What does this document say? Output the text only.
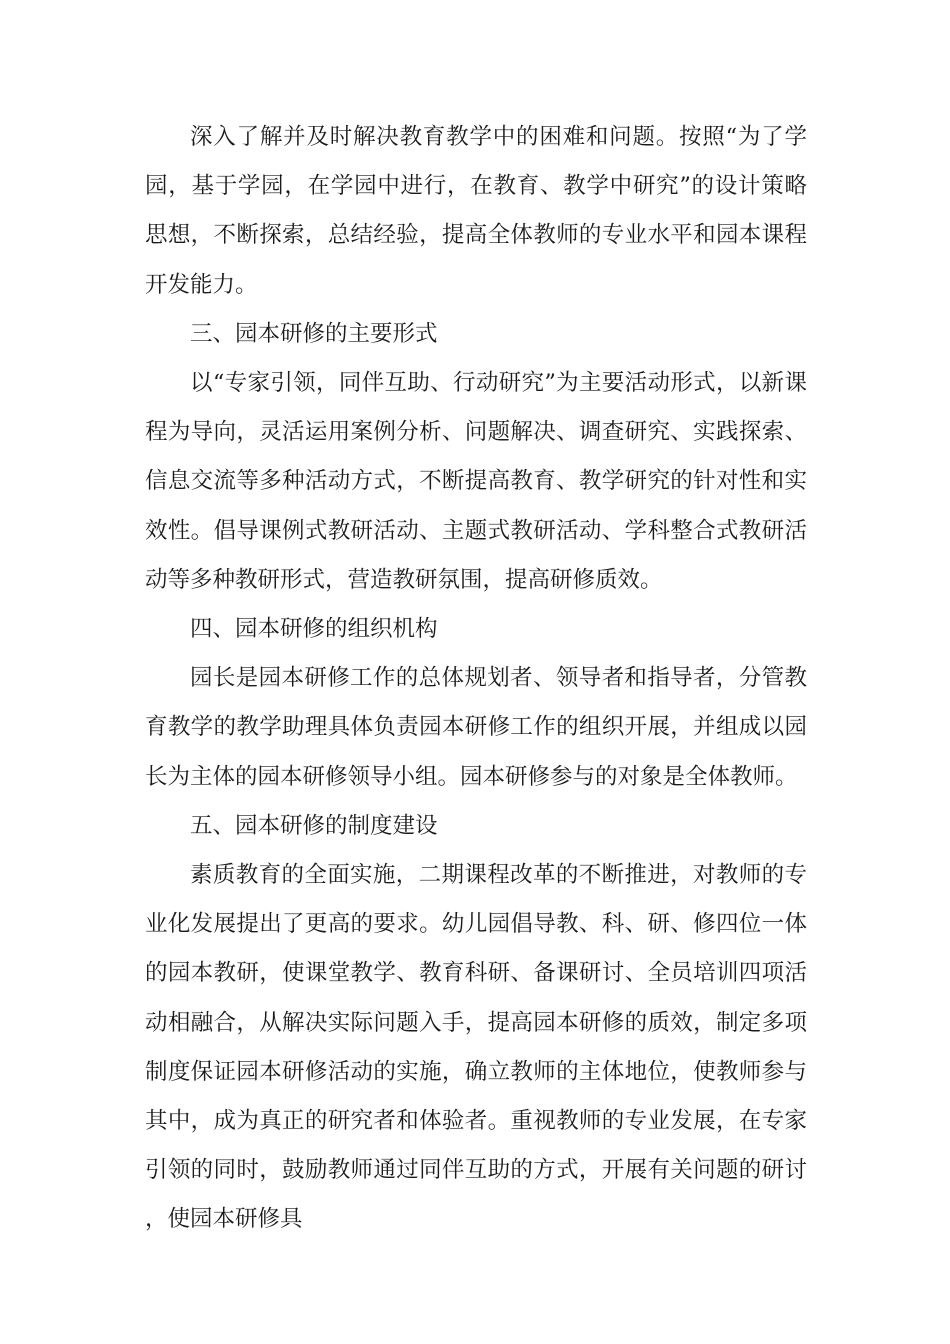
深入了解并及时解决教育教学中的困难和问题。按照“为了学园，基于学园，在学园中进行，在教育、教学中研究”的设计策略思想，不断探索，总结经验，提高全体教师的专业水平和园本课程开发能力。

三、园本研修的主要形式

以“专家引领，同伴互助、行动研究”为主要活动形式，以新课程为导向，灵活运用案例分析、问题解决、调查研究、实践探索、信息交流等多种活动方式，不断提高教育、教学研究的针对性和实效性。倡导课例式教研活动、主题式教研活动、学科整合式教研活动等多种教研形式，营造教研氛围，提高研修质效。

四、园本研修的组织机构

园长是园本研修工作的总体规划者、领导者和指导者，分管教育教学的教学助理具体负责园本研修工作的组织开展，并组成以园长为主体的园本研修领导小组。园本研修参与的对象是全体教师。

五、园本研修的制度建设

素质教育的全面实施，二期课程改革的不断推进，对教师的专业化发展提出了更高的要求。幼儿园倡导教、科、研、修四位一体的园本教研，使课堂教学、教育科研、备课研讨、全员培训四项活动相融合，从解决实际问题入手，提高园本研修的质效，制定多项制度保证园本研修活动的实施，确立教师的主体地位，使教师参与其中，成为真正的研究者和体验者。重视教师的专业发展，在专家引领的同时，鼓励教师通过同伴互助的方式，开展有关问题的研讨，使园本研修具
